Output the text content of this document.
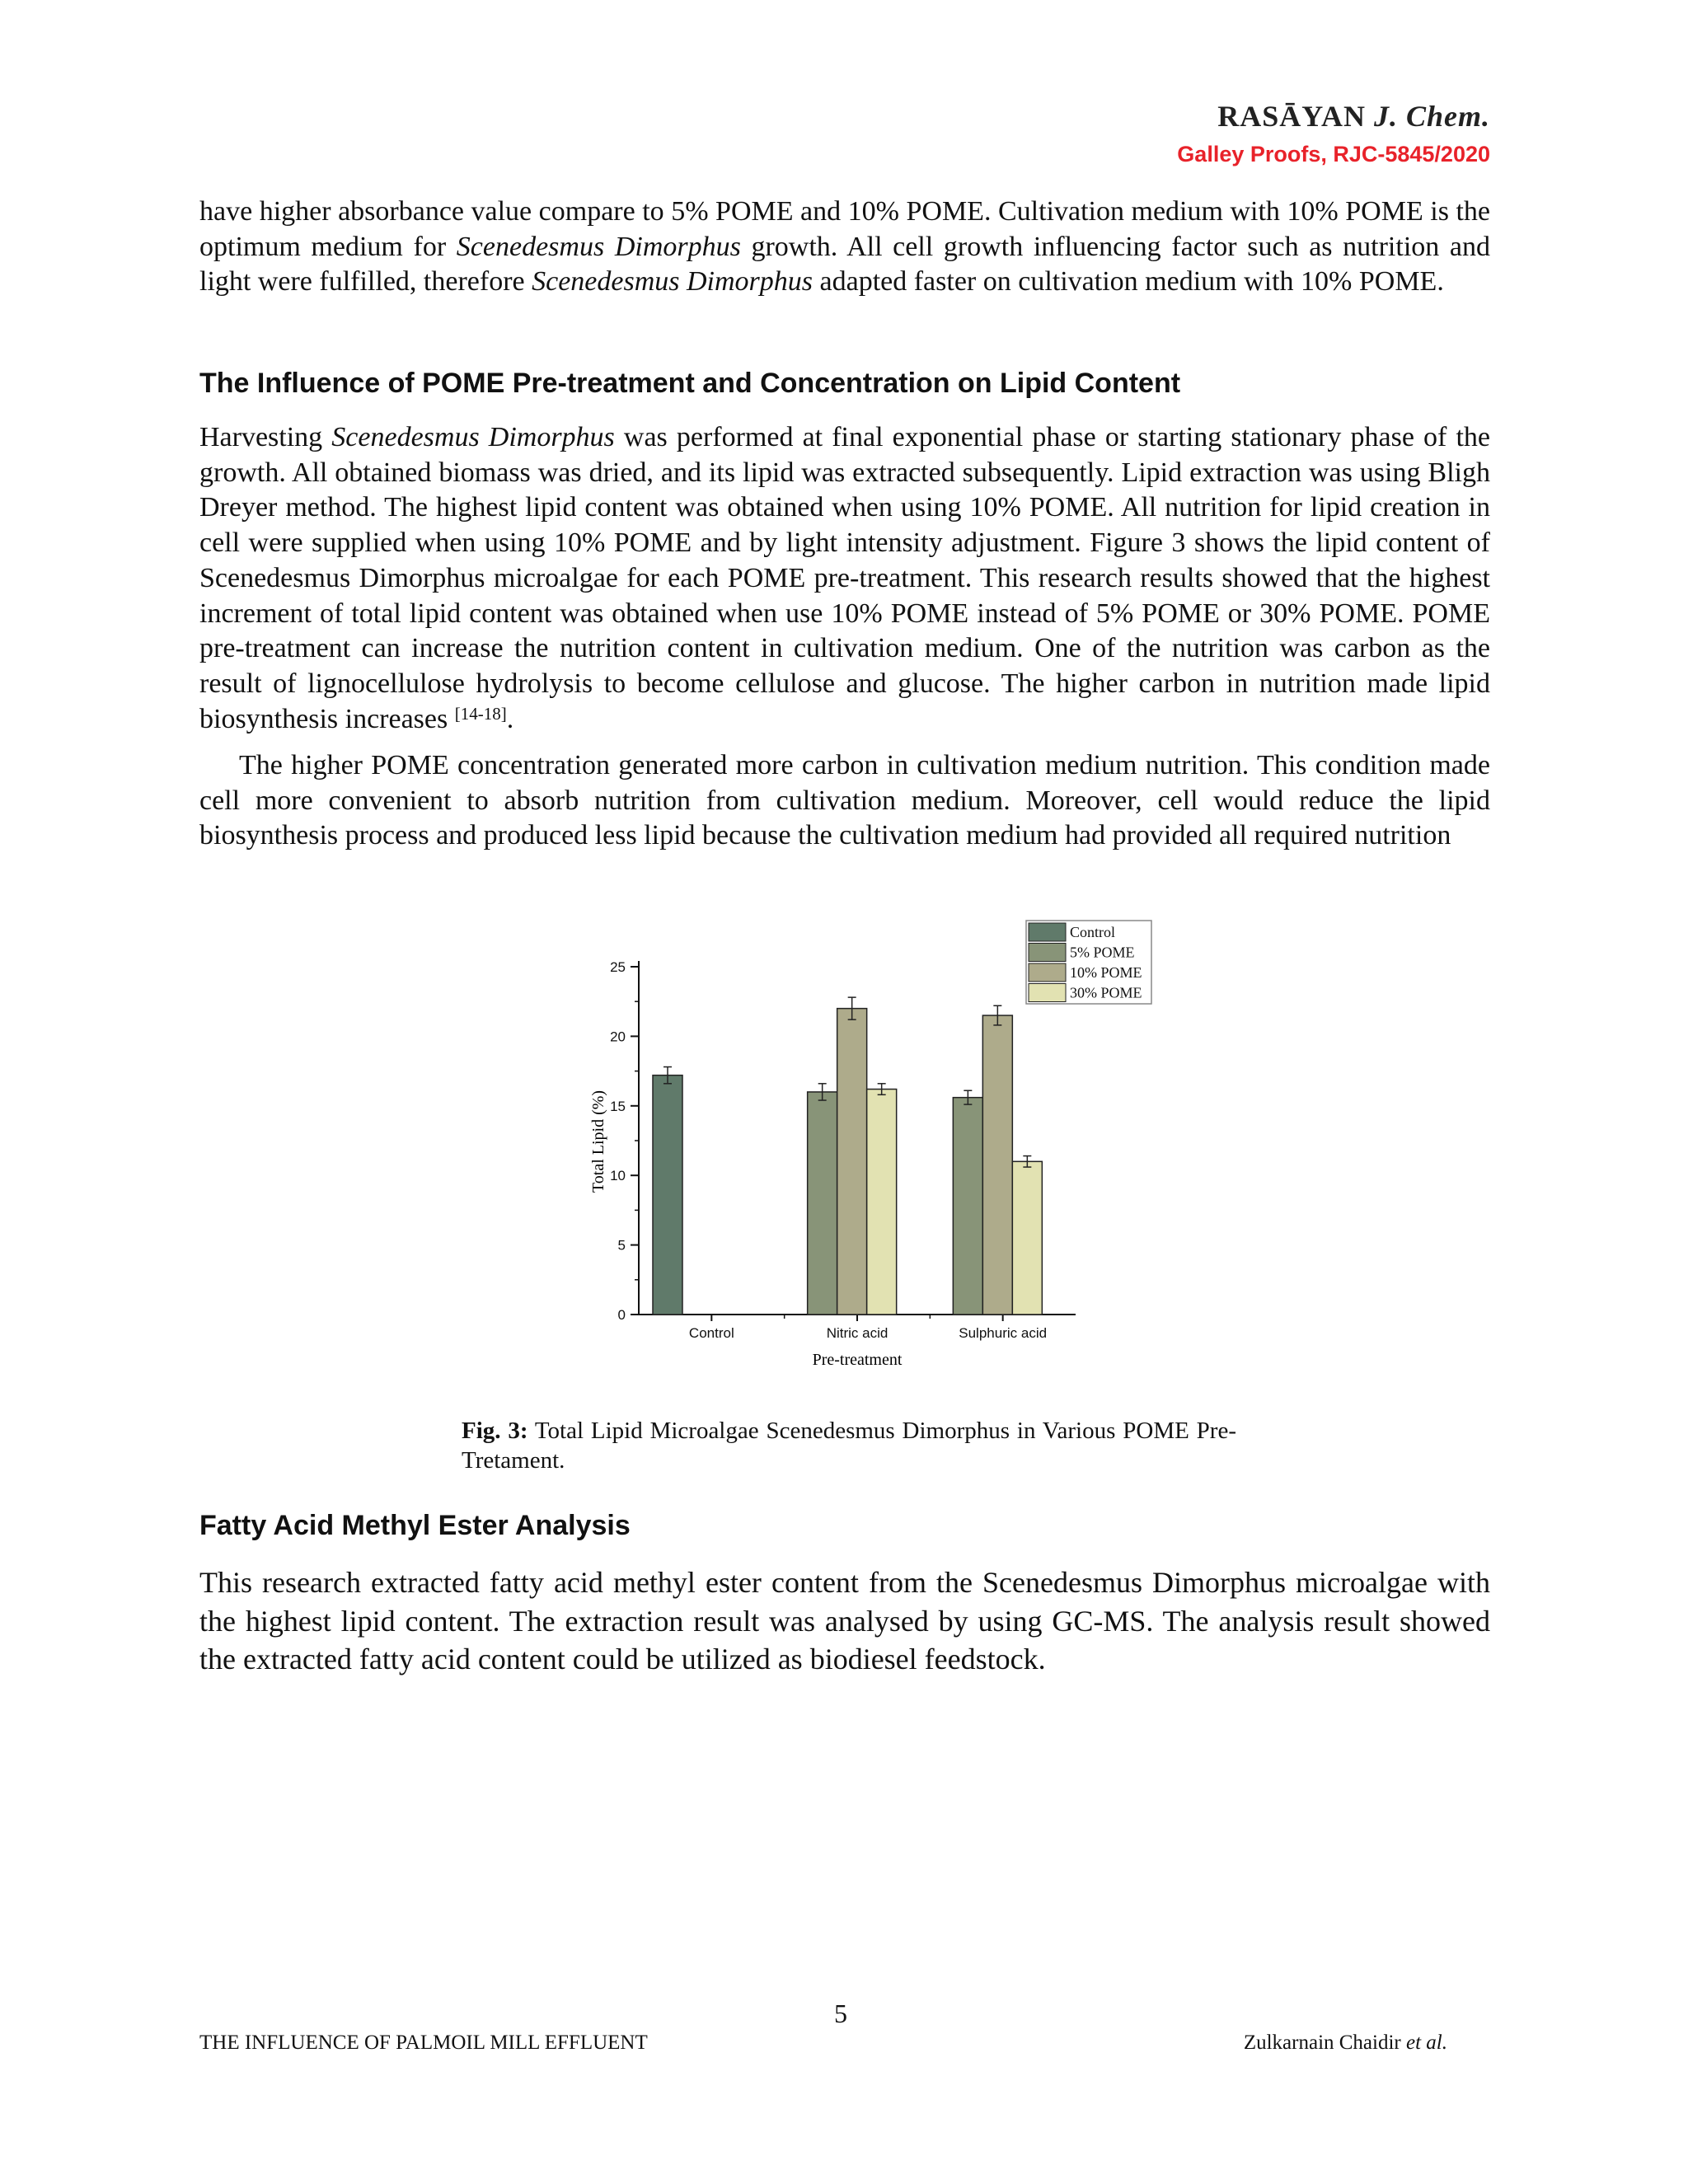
RASĀYAN J. Chem.
Galley Proofs, RJC-5845/2020

have higher absorbance value compare to 5% POME and 10% POME. Cultivation medium with 10% POME is the optimum medium for Scenedesmus Dimorphus growth. All cell growth influencing factor such as nutrition and light were fulfilled, therefore Scenedesmus Dimorphus adapted faster on cultivation medium with 10% POME.

The Influence of POME Pre-treatment and Concentration on Lipid Content

Harvesting Scenedesmus Dimorphus was performed at final exponential phase or starting stationary phase of the growth. All obtained biomass was dried, and its lipid was extracted subsequently. Lipid extraction was using Bligh Dreyer method. The highest lipid content was obtained when using 10% POME. All nutrition for lipid creation in cell were supplied when using 10% POME and by light intensity adjustment. Figure 3 shows the lipid content of Scenedesmus Dimorphus microalgae for each POME pre-treatment. This research results showed that the highest increment of total lipid content was obtained when use 10% POME instead of 5% POME or 30% POME. POME pre-treatment can increase the nutrition content in cultivation medium. One of the nutrition was carbon as the result of lignocellulose hydrolysis to become cellulose and glucose. The higher carbon in nutrition made lipid biosynthesis increases [14-18].

The higher POME concentration generated more carbon in cultivation medium nutrition. This condition made cell more convenient to absorb nutrition from cultivation medium. Moreover, cell would reduce the lipid biosynthesis process and produced less lipid because the cultivation medium had provided all required nutrition

0
5
10
15
20
25
Control	Nitric acid	Sulphuric acid
Pre-treatment
Total Lipid (%)
Control
5% POME
10% POME
30% POME

Fig. 3: Total Lipid Microalgae Scenedesmus Dimorphus in Various POME Pre-Tretament.

Fatty Acid Methyl Ester Analysis

This research extracted fatty acid methyl ester content from the Scenedesmus Dimorphus microalgae with the highest lipid content. The extraction result was analysed by using GC-MS. The analysis result showed the extracted fatty acid content could be utilized as biodiesel feedstock.

5
THE INFLUENCE OF PALMOIL MILL EFFLUENT	Zulkarnain Chaidir et al.
